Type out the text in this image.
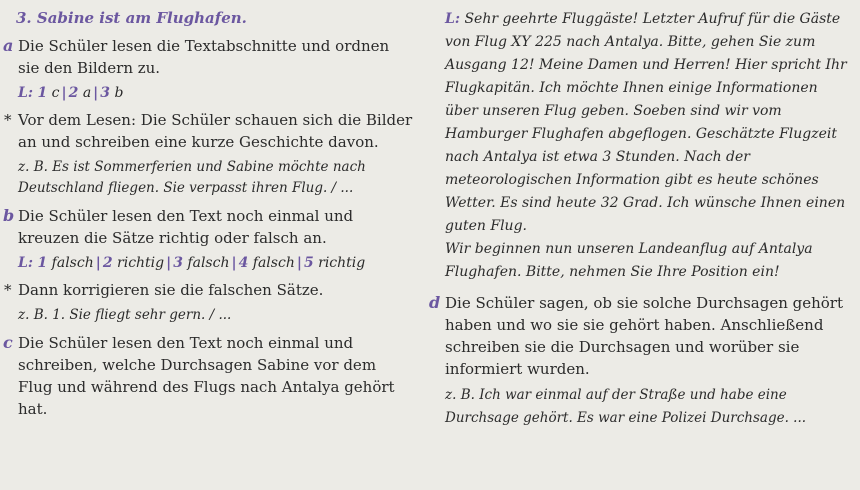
3. Sabine ist am Flughafen.
a Die Schüler lesen die Textabschnitte und ordnen sie den Bildern zu.
L: 1 c | 2 a | 3 b
* Vor dem Lesen: Die Schüler schauen sich die Bilder an und schreiben eine kurze Geschichte davon.
z. B. Es ist Sommerferien und Sabine möchte nach Deutschland fliegen. Sie verpasst ihren Flug. / ...
b Die Schüler lesen den Text noch einmal und kreuzen die Sätze richtig oder falsch an.
L: 1 falsch | 2 richtig | 3 falsch | 4 falsch | 5 richtig
* Dann korrigieren sie die falschen Sätze.
z. B. 1. Sie fliegt sehr gern. / ...
c Die Schüler lesen den Text noch einmal und schreiben, welche Durchsagen Sabine vor dem Flug und während des Flugs nach Antalya gehört hat.

L: Sehr geehrte Fluggäste! Letzter Aufruf für die Gäste von Flug XY 225 nach Antalya. Bitte, gehen Sie zum Ausgang 12! Meine Damen und Herren! Hier spricht Ihr Flugkapitän. Ich möchte Ihnen einige Informationen über unseren Flug geben. Soeben sind wir vom Hamburger Flughafen abgeflogen. Geschätzte Flugzeit nach Antalya ist etwa 3 Stunden. Nach der meteorologischen Information gibt es heute schönes Wetter. Es sind heute 32 Grad. Ich wünsche Ihnen einen guten Flug.

Wir beginnen nun unseren Landeanflug auf Antalya Flughafen. Bitte, nehmen Sie Ihre Position ein!

d Die Schüler sagen, ob sie solche Durchsagen gehört haben und wo sie sie gehört haben. Anschließend schreiben sie die Durchsagen und worüber sie informiert wurden.
z. B. Ich war einmal auf der Straße und habe eine Durchsage gehört. Es war eine Polizei Durchsage. ...
